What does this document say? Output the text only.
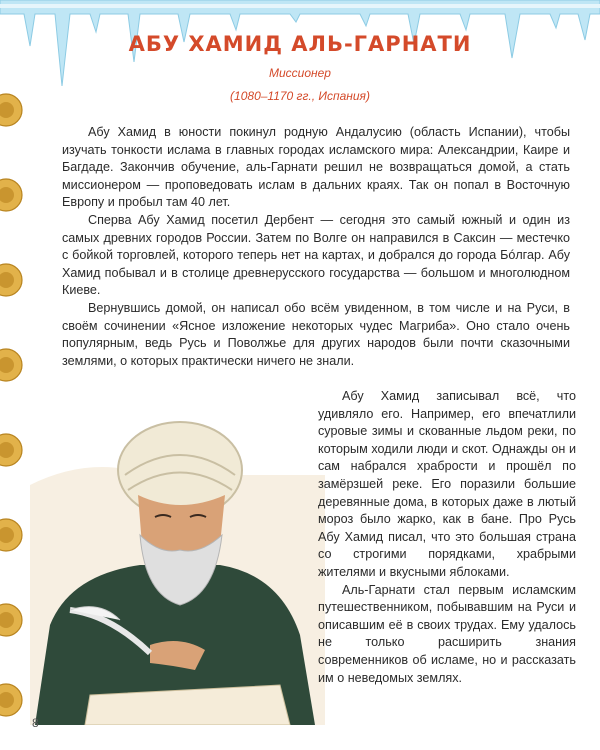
АБУ ХАМИД АЛЬ-ГАРНАТИ
Миссионер
(1080–1170 гг., Испания)

Абу Хамид в юности покинул родную Андалусию (область Испании), чтобы изучать тонкости ислама в главных городах исламского мира: Александрии, Каире и Багдаде. Закончив обучение, аль-Гарнати решил не возвращаться домой, а стать миссионером — проповедовать ислам в дальних краях. Так он попал в Восточную Европу и пробыл там 40 лет.

Сперва Абу Хамид посетил Дербент — сегодня это самый южный и один из самых древних городов России. Затем по Волге он направился в Саксин — местечко с бойкой торговлей, которого теперь нет на картах, и добрался до города Бóлгар. Абу Хамид побывал и в столице древнерусского государства — большом и многолюдном Киеве.

Вернувшись домой, он написал обо всём увиденном, в том числе и на Руси, в своём сочинении «Ясное изложение некоторых чудес Магриба». Оно стало очень популярным, ведь Русь и Поволжье для других народов были почти сказочными землями, о которых практически ничего не знали.

Абу Хамид записывал всё, что удивляло его. Например, его впечатлили суровые зимы и скованные льдом реки, по которым ходили люди и скот. Однажды он и сам набрался храбрости и прошёл по замёрзшей реке. Его поразили большие деревянные дома, в которых даже в лютый мороз было жарко, как в бане. Про Русь Абу Хамид писал, что это большая страна со строгими порядками, храбрыми жителями и вкусными яблоками.

Аль-Гарнати стал первым исламским путешественником, побывавшим на Руси и описавшим её в своих трудах. Ему удалось не только расширить знания современников об исламе, но и рассказать им о неведомых землях.

8
